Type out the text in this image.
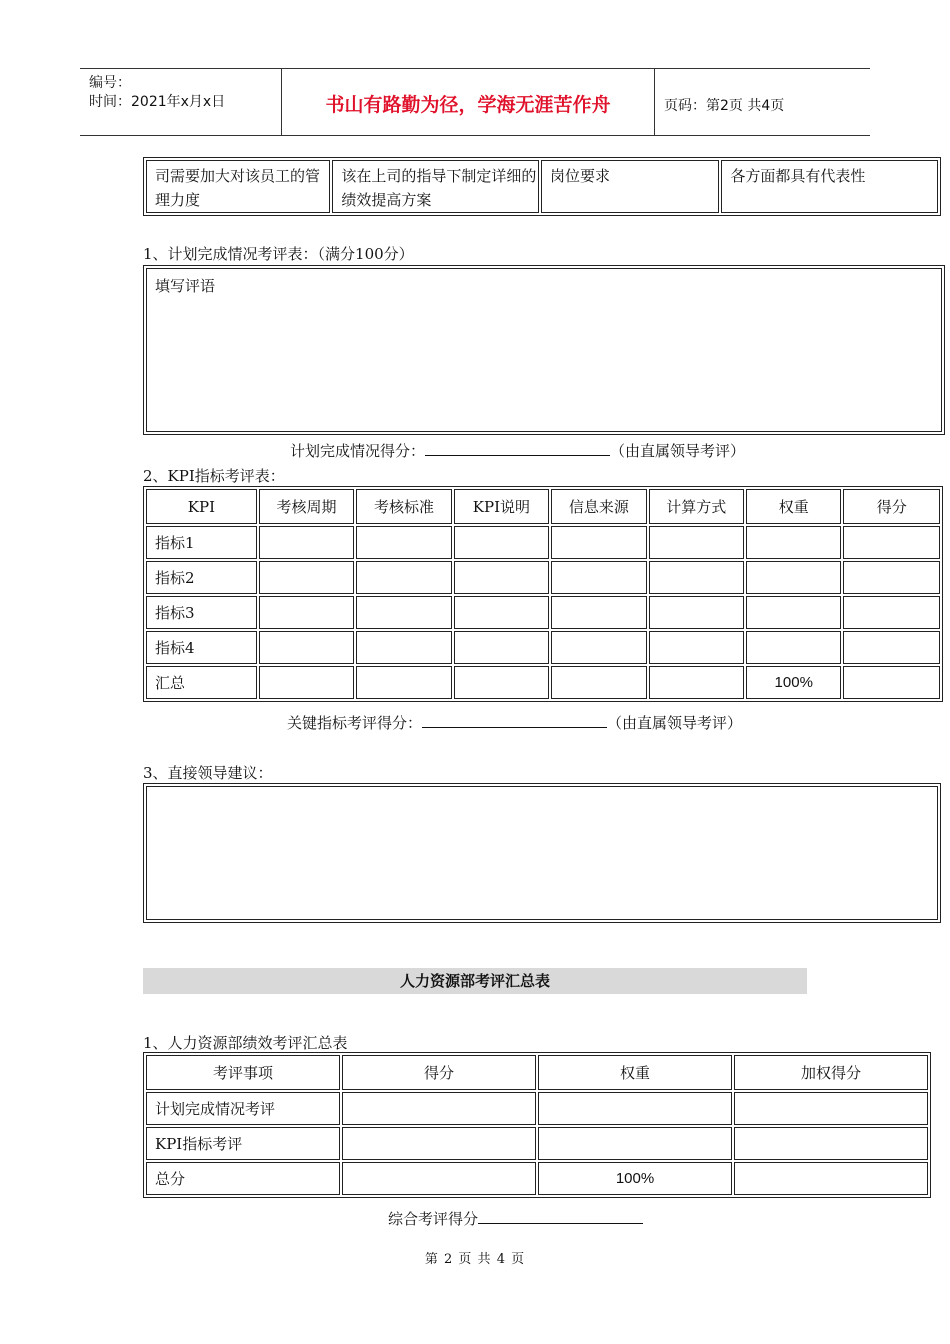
编号：
时间：2021年x月x日	书山有路勤为径，学海无涯苦作舟	页码：第2页 共4页
司需要加大对该员工的管理力度	该在上司的指导下制定详细的绩效提高方案	岗位要求	各方面都具有代表性
1、计划完成情况考评表：（满分100分）
填写评语
计划完成情况得分：	（由直属领导考评）
2、KPI指标考评表：
KPI	考核周期	考核标准	KPI说明	信息来源	计算方式	权重	得分
指标1							
指标2							
指标3							
指标4							
汇总						100%	
关键指标考评得分：	（由直属领导考评）
3、直接领导建议：
人力资源部考评汇总表
1、人力资源部绩效考评汇总表
考评事项	得分	权重	加权得分
计划完成情况考评			
KPI指标考评			
总分		100%	
综合考评得分
第 2 页 共 4 页
